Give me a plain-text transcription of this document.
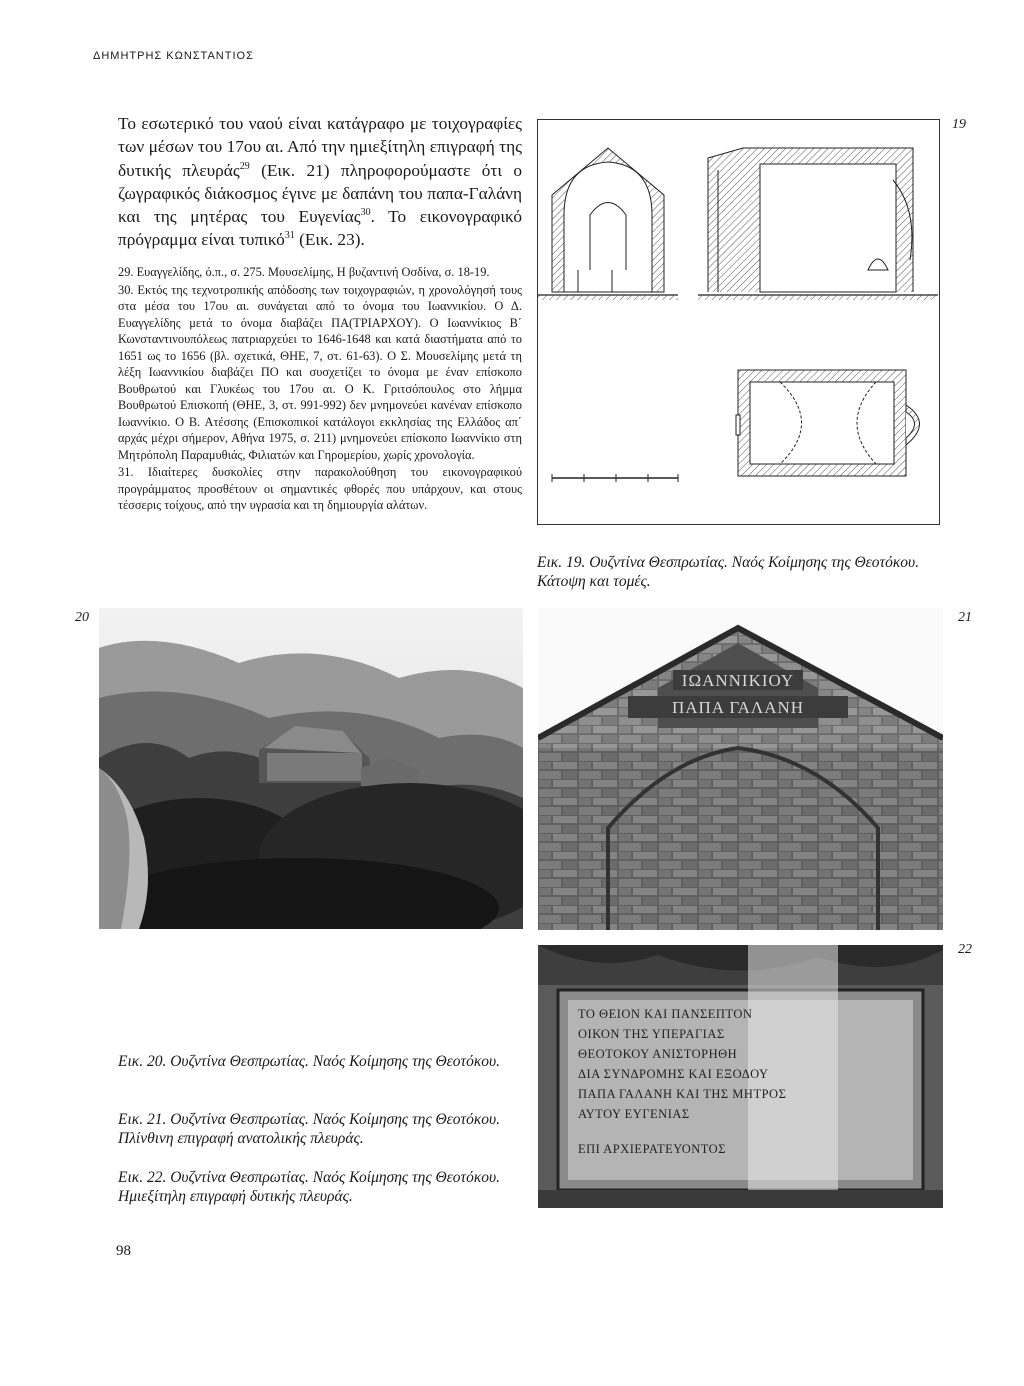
ΔΗΜΗΤΡΗΣ ΚΩΝΣΤΑΝΤΙΟΣ

Το εσωτερικό του ναού είναι κατάγραφο με τοιχογραφίες των μέσων του 17ου αι. Από την ημιεξίτηλη επιγραφή της δυτικής πλευράς$^{29}$ (Εικ. 21) πληροφορούμαστε ότι ο ζωγραφικός διάκοσμος έγινε με δαπάνη του παπα-Γαλάνη και της μητέρας του Ευγενίας$^{30}$. Το εικονογραφικό πρόγραμμα είναι τυπικό$^{31}$ (Εικ. 23).

29. Ευαγγελίδης, ό.π., σ. 275. Μουσελίμης, Η βυζαντινή Οσδίνα, σ. 18-19.

30. Εκτός της τεχνοτροπικής απόδοσης των τοιχογραφιών, η χρονολόγησή τους στα μέσα του 17ου αι. συνάγεται από το όνομα του Ιωαννικίου. Ο Δ. Ευαγγελίδης μετά το όνομα διαβάζει ΠΑ(ΤΡΙΑΡΧΟΥ). Ο Ιωαννίκιος Β΄ Κωνσταντινουπόλεως πατριαρχεύει το 1646-1648 και κατά διαστήματα από το 1651 ως το 1656 (βλ. σχετικά, ΘΗΕ, 7, στ. 61-63). Ο Σ. Μουσελίμης μετά τη λέξη Ιωαννικίου διαβάζει ΠΟ και συσχετίζει το όνομα με έναν επίσκοπο Βουθρωτού και Γλυκέως του 17ου αι. Ο Κ. Γριτσόπουλος στο λήμμα Βουθρωτού Επισκοπή (ΘΗΕ, 3, στ. 991-992) δεν μνημονεύει κανέναν επίσκοπο Ιωαννίκιο. Ο Β. Ατέσσης (Επισκοπικοί κατάλογοι εκκλησίας της Ελλάδος απ΄ αρχάς μέχρι σήμερον, Αθήνα 1975, σ. 211) μνημονεύει επίσκοπο Ιωαννίκιο στη Μητρόπολη Παραμυθιάς, Φιλιατών και Γηρομερίου, χωρίς χρονολογία.

31. Ιδιαίτερες δυσκολίες στην παρακολούθηση του εικονογραφικού προγράμματος προσθέτουν οι σημαντικές φθορές που υπάρχουν, και στους τέσσερις τοίχους, από την υγρασία και τη δημιουργία αλάτων.

19
Εικ. 19. Ουζντίνα Θεσπρωτίας. Ναός Κοίμησης της Θεοτόκου. Κάτοψη και τομές.
20
Εικ. 20. Ουζντίνα Θεσπρωτίας. Ναός Κοίμησης της Θεοτόκου.
21
ΙΩΑΝΝΙΚΙΟΥ
ΠΑΠΑ ΓΑΛΑΝΗ
Εικ. 21. Ουζντίνα Θεσπρωτίας. Ναός Κοίμησης της Θεοτόκου. Πλίνθινη επιγραφή ανατολικής πλευράς.
22
ΤΟ ΘΕΙΟΝ ΚΑΙ ΠΑΝΣΕΠΤΟΝ
ΟΙΚΟΝ ΤΗΣ ΥΠΕΡΑΓΙΑΣ
ΘΕΟΤΟΚΟΥ ΑΝΙΣΤΟΡΗΘΗ
ΔΙΑ ΣΥΝΔΡΟΜΗΣ ΚΑΙ ΕΞΟΔΟΥ
ΠΑΠΑ ΓΑΛΑΝΗ ΚΑΙ ΤΗΣ ΜΗΤΡΟΣ
ΑΥΤΟΥ ΕΥΓΕΝΙΑΣ
ΕΠΙ ΑΡΧΙΕΡΑΤΕΥΟΝΤΟΣ
Εικ. 22. Ουζντίνα Θεσπρωτίας. Ναός Κοίμησης της Θεοτόκου. Ημιεξίτηλη επιγραφή δυτικής πλευράς.
98
